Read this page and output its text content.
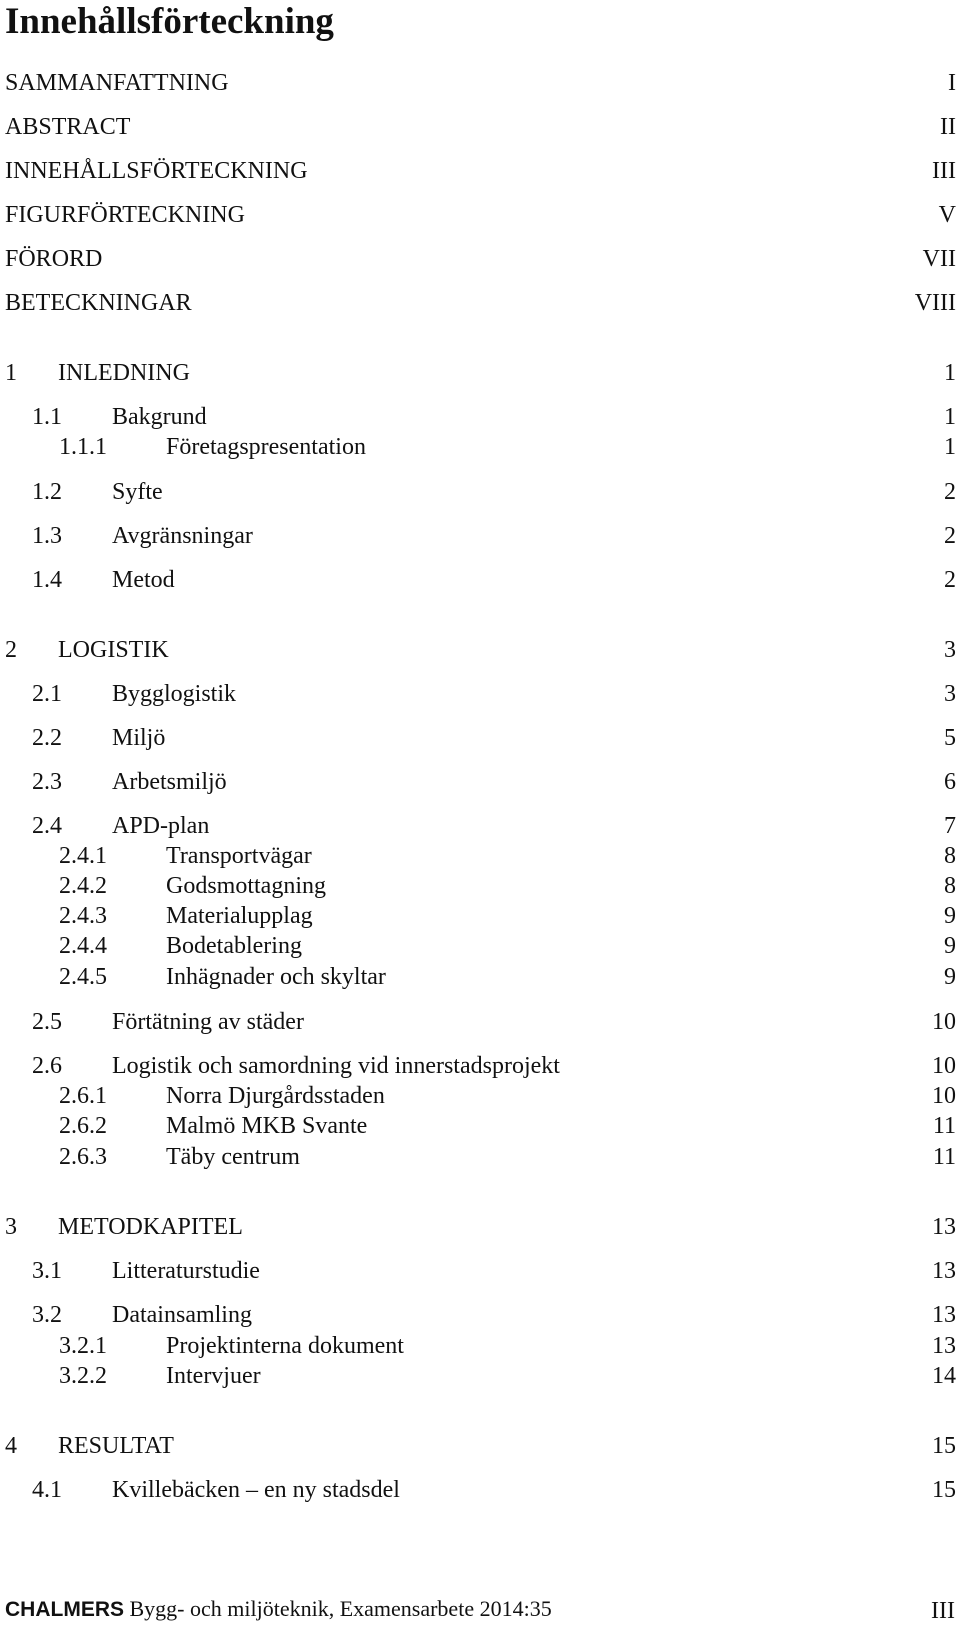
Innehållsförteckning
SAMMANFATTNING	I
ABSTRACT	II
INNEHÅLLSFÖRTECKNING	III
FIGURFÖRTECKNING	V
FÖRORD	VII
BETECKNINGAR	VIII
1 INLEDNING	1
1.1 Bakgrund	1
1.1.1 Företagspresentation	1
1.2 Syfte	2
1.3 Avgränsningar	2
1.4 Metod	2
2 LOGISTIK	3
2.1 Bygglogistik	3
2.2 Miljö	5
2.3 Arbetsmiljö	6
2.4 APD-plan	7
2.4.1 Transportvägar	8
2.4.2 Godsmottagning	8
2.4.3 Materialupplag	9
2.4.4 Bodetablering	9
2.4.5 Inhägnader och skyltar	9
2.5 Förtätning av städer	10
2.6 Logistik och samordning vid innerstadsprojekt	10
2.6.1 Norra Djurgårdsstaden	10
2.6.2 Malmö MKB Svante	11
2.6.3 Täby centrum	11
3 METODKAPITEL	13
3.1 Litteraturstudie	13
3.2 Datainsamling	13
3.2.1 Projektinterna dokument	13
3.2.2 Intervjuer	14
4 RESULTAT	15
4.1 Kvillebäcken – en ny stadsdel	15
CHALMERS Bygg- och miljöteknik, Examensarbete 2014:35	III
